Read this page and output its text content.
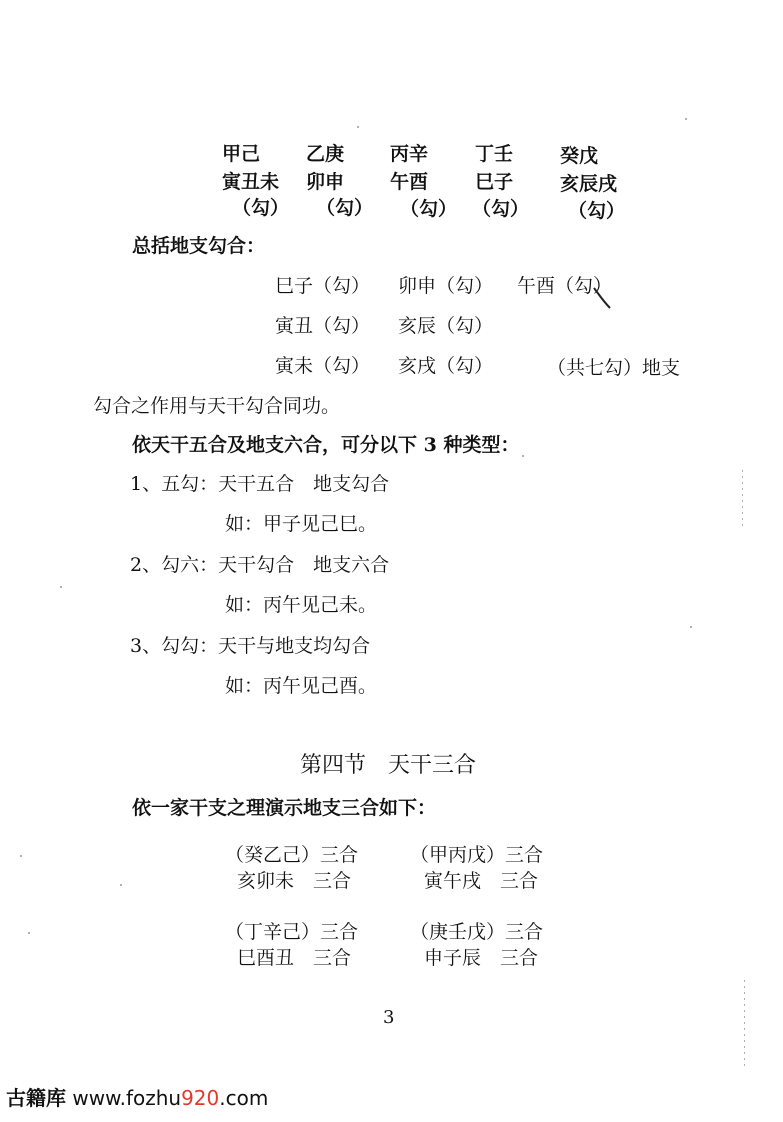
甲己 乙庚 丙辛 丁壬 癸戊
寅丑未 卯申 午酉 巳子 亥辰戌
（勾） （勾） （勾） （勾） （勾）
总括地支勾合：
巳子（勾） 卯申（勾） 午酉（勾）
寅丑（勾） 亥辰（勾）
寅未（勾） 亥戌（勾）	（共七勾）地支
勾合之作用与天干勾合同功。
依天干五合及地支六合，可分以下 3 种类型：
1、五勾：天干五合　地支勾合
如：甲子见己巳。
2、勾六：天干勾合　地支六合
如：丙午见己未。
3、勾勾：天干与地支均勾合
如：丙午见己酉。
第四节　天干三合
依一家干支之理演示地支三合如下：
（癸乙己）三合
亥卯未　三合
（甲丙戊）三合
寅午戌　三合
（丁辛己）三合
巳酉丑　三合
（庚壬戊）三合
申子辰　三合
3
古籍库 www.fozhu920.com
